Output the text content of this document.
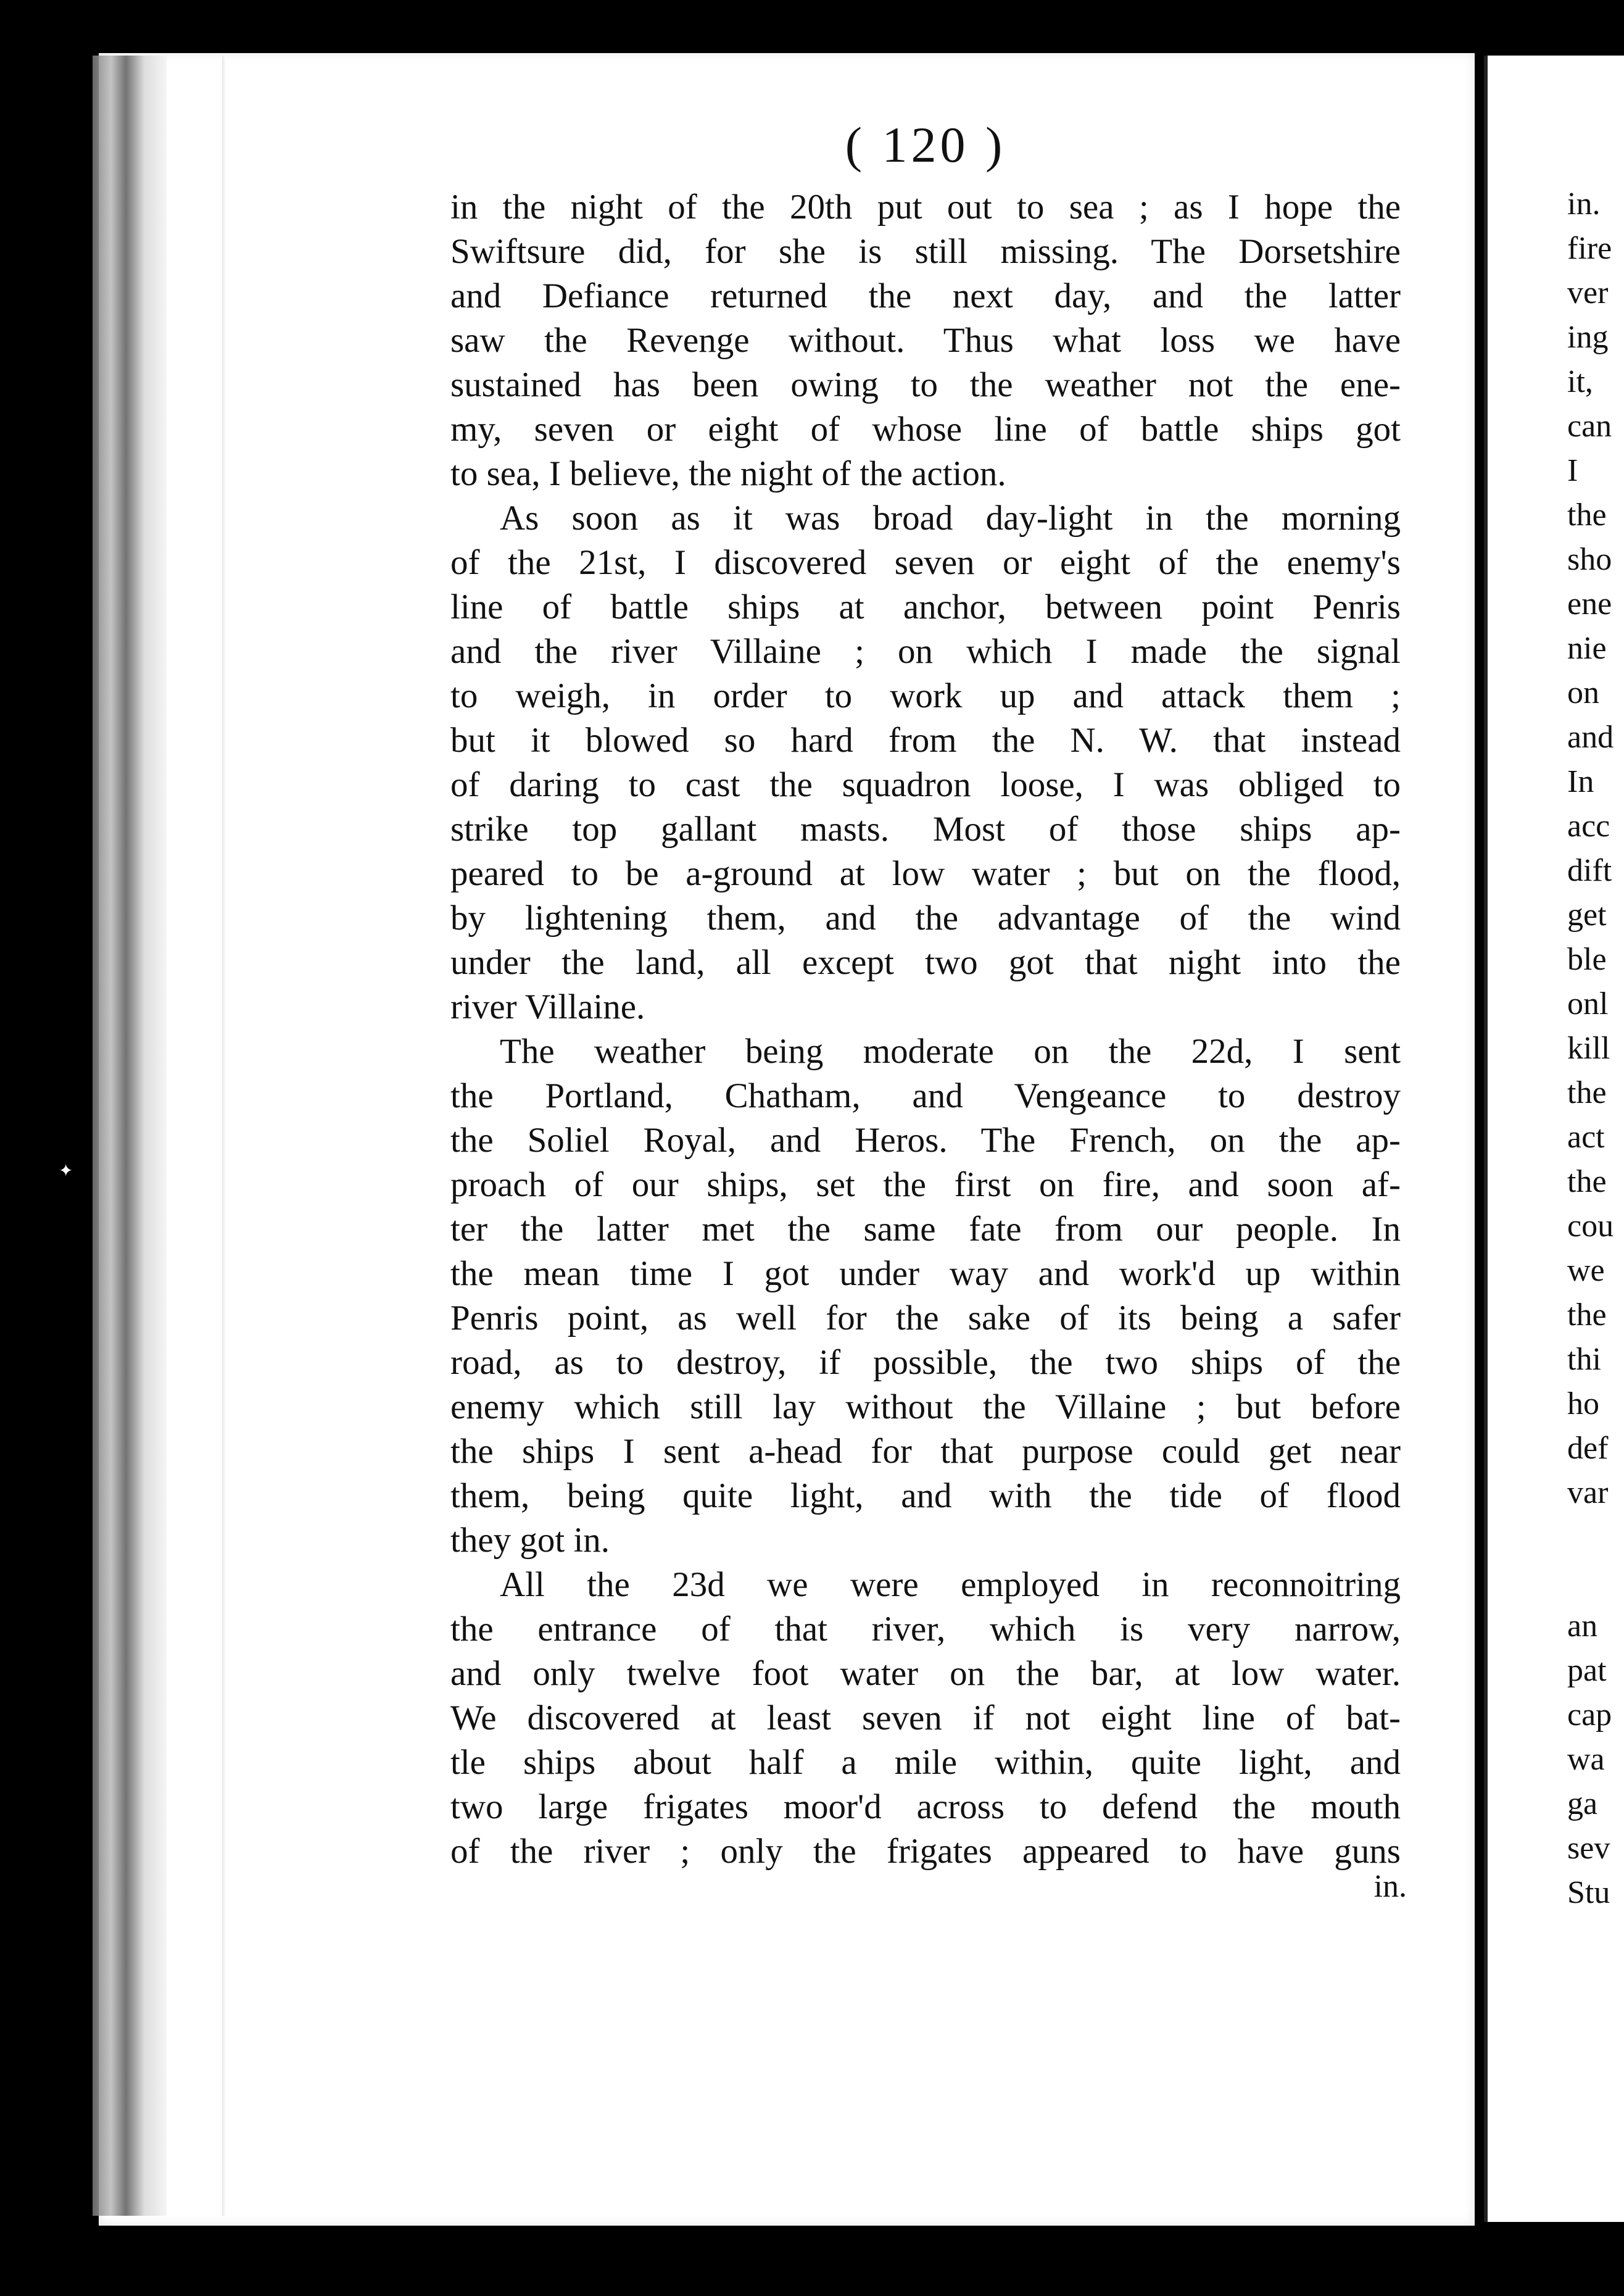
✦
( 120 )
in the night of the 20th put out to sea ; as I hope the
Swiftsure did, for she is still missing. The Dorsetshire
and Defiance returned the next day, and the latter
saw the Revenge without. Thus what loss we have
sustained has been owing to the weather not the ene-
my, seven or eight of whose line of battle ships got
to sea, I believe, the night of the action.
As soon as it was broad day-light in the morning
of the 21st, I discovered seven or eight of the enemy's
line of battle ships at anchor, between point Penris
and the river Villaine ; on which I made the signal
to weigh, in order to work up and attack them ;
but it blowed so hard from the N. W. that instead
of daring to cast the squadron loose, I was obliged to
strike top gallant masts. Most of those ships ap-
peared to be a-ground at low water ; but on the flood,
by lightening them, and the advantage of the wind
under the land, all except two got that night into the
river Villaine.
The weather being moderate on the 22d, I sent
the Portland, Chatham, and Vengeance to destroy
the Soliel Royal, and Heros. The French, on the ap-
proach of our ships, set the first on fire, and soon af-
ter the latter met the same fate from our people. In
the mean time I got under way and work'd up within
Penris point, as well for the sake of its being a safer
road, as to destroy, if possible, the two ships of the
enemy which still lay without the Villaine ; but before
the ships I sent a-head for that purpose could get near
them, being quite light, and with the tide of flood
they got in.
All the 23d we were employed in reconnoitring
the entrance of that river, which is very narrow,
and only twelve foot water on the bar, at low water.
We discovered at least seven if not eight line of bat-
tle ships about half a mile within, quite light, and
two large frigates moor'd across to defend the mouth
of the river ; only the frigates appeared to have guns
in.
in.
fire
ver
ing
it,
can
I
the
sho
ene
nie
on
and
In
acc
dift
get
ble
onl
kill
the
act
the
cou
we
the
thi
ho
def
var
an
pat
cap
wa
ga
sev
Stu
